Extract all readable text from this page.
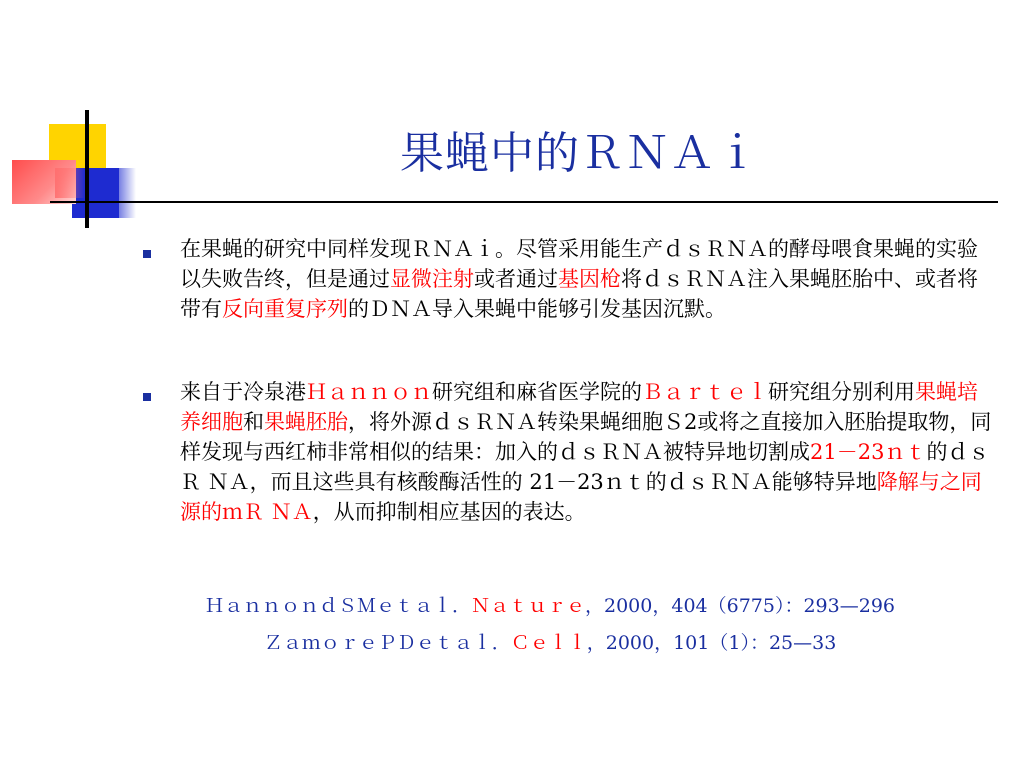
果蝇中的ＲＮＡｉ

在果蝇的研究中同样发现ＲＮＡｉ。尽管采用能生产ｄｓＲＮＡ的酵母喂食果蝇的实验以失败告终，但是通过显微注射或者通过基因枪将ｄｓＲＮＡ注入果蝇胚胎中、或者将带有反向重复序列的ＤＮＡ导入果蝇中能够引发基因沉默。

来自于冷泉港Ｈａｎｎｏｎ研究组和麻省医学院的Ｂａｒｔｅｌ研究组分别利用果蝇培养细胞和果蝇胚胎，将外源ｄｓＲＮＡ转染果蝇细胞Ｓ2或将之直接加入胚胎提取物，同样发现与西红柿非常相似的结果：加入的ｄｓＲＮＡ被特异地切割成21－23ｎｔ的ｄｓＲ ＮＡ，而且这些具有核酸酶活性的 21－23ｎｔ的ｄｓＲＮＡ能够特异地降解与之同源的ｍＲ ＮＡ，从而抑制相应基因的表达。

ＨａｎｎｏｎｄＳＭｅｔａｌ．Ｎａｔｕｒｅ，2000，404（6775）：293—296

ＺａｍｏｒｅＰＤｅｔａｌ．Ｃｅｌｌ，2000，101（1）：25—33
